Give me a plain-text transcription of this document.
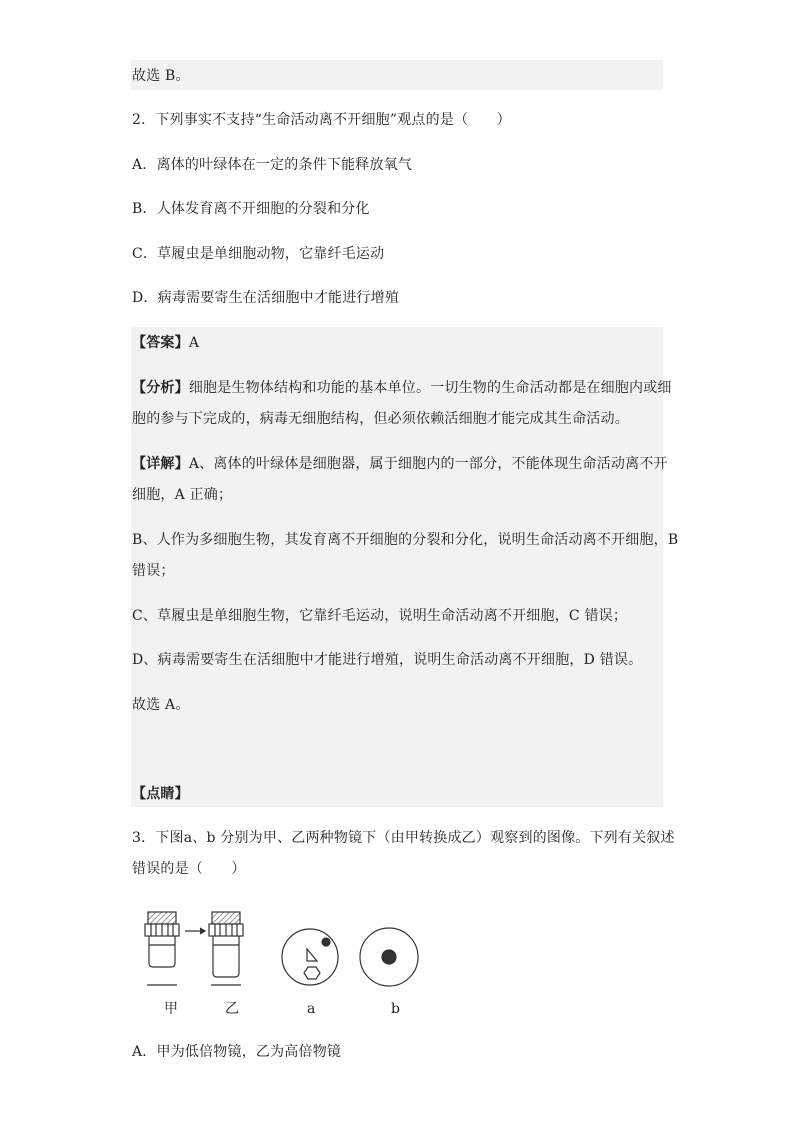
故选 B。
2．下列事实不支持“生命活动离不开细胞”观点的是（　　）
A．离体的叶绿体在一定的条件下能释放氧气
B．人体发育离不开细胞的分裂和分化
C．草履虫是单细胞动物，它靠纤毛运动
D．病毒需要寄生在活细胞中才能进行增殖
【答案】A
【分析】细胞是生物体结构和功能的基本单位。一切生物的生命活动都是在细胞内或细
胞的参与下完成的，病毒无细胞结构，但必须依赖活细胞才能完成其生命活动。
【详解】A、离体的叶绿体是细胞器，属于细胞内的一部分，不能体现生命活动离不开
细胞，A 正确；
B、人作为多细胞生物，其发育离不开细胞的分裂和分化，说明生命活动离不开细胞，B
错误；
C、草履虫是单细胞生物，它靠纤毛运动，说明生命活动离不开细胞，C 错误；
D、病毒需要寄生在活细胞中才能进行增殖，说明生命活动离不开细胞，D 错误。
故选 A。
【点睛】
3．下图a、b 分别为甲、乙两种物镜下（由甲转换成乙）观察到的图像。下列有关叙述
错误的是（　　）
甲	乙	a	b
A．甲为低倍物镜，乙为高倍物镜
